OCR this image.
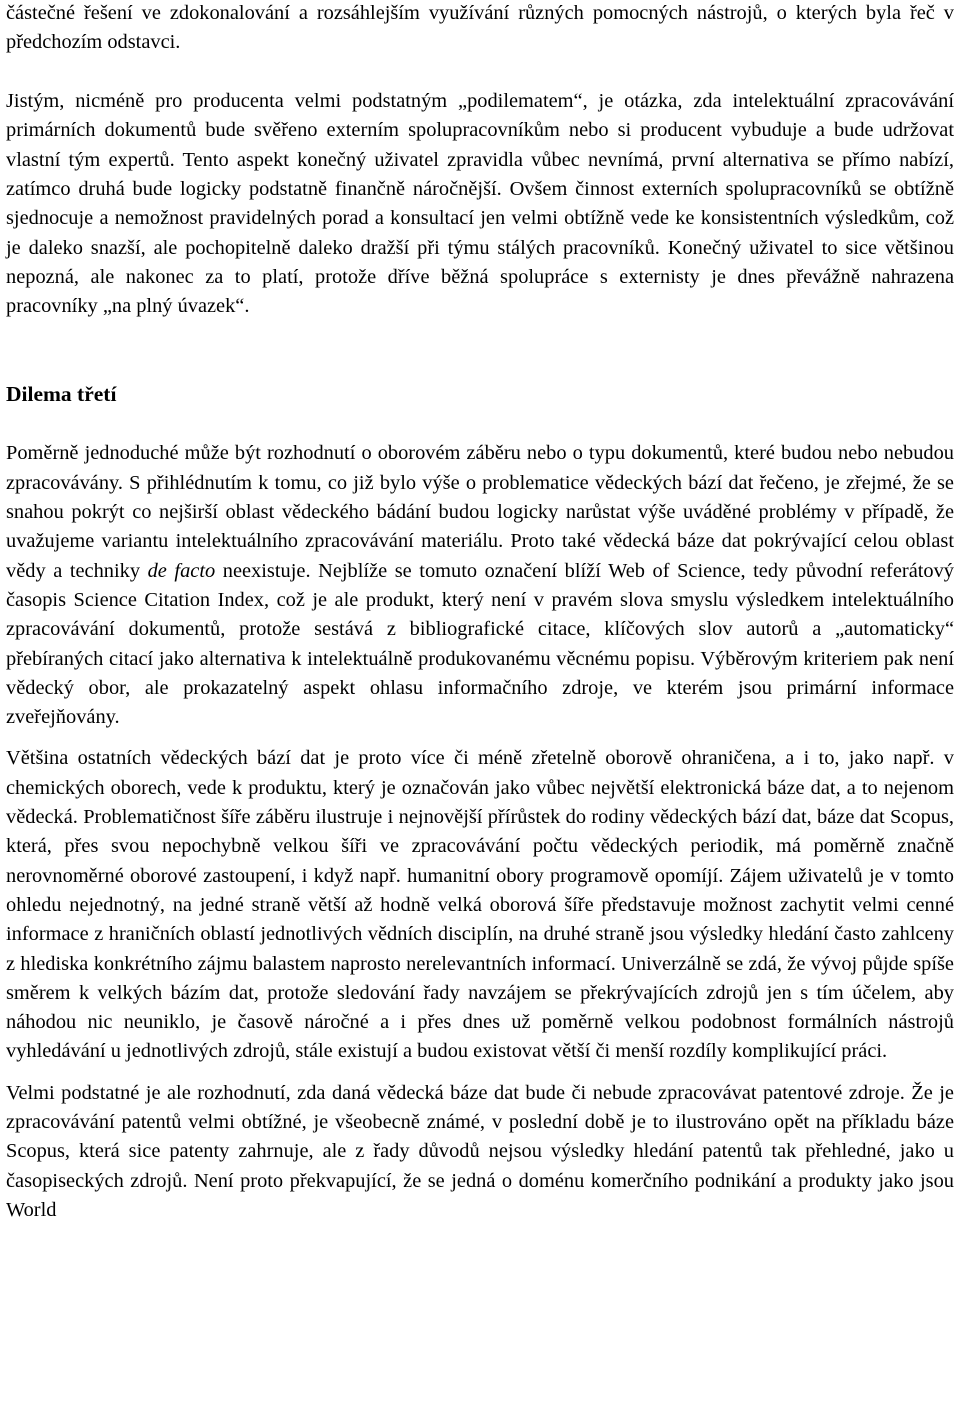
částečné řešení ve zdokonalování a rozsáhlejším využívání různých pomocných nástrojů, o kterých byla řeč v předchozím odstavci.

Jistým, nicméně pro producenta velmi podstatným „podilematem“, je otázka, zda intelektuální zpracovávání primárních dokumentů bude svěřeno externím spolupracovníkům nebo si producent vybuduje a bude udržovat vlastní tým expertů. Tento aspekt konečný uživatel zpravidla vůbec nevnímá, první alternativa se přímo nabízí, zatímco druhá bude logicky podstatně finančně náročnější. Ovšem činnost externích spolupracovníků se obtížně sjednocuje a nemožnost pravidelných porad a konsultací jen velmi obtížně vede ke konsistentních výsledkům, což je daleko snazší, ale pochopitelně daleko dražší při týmu stálých pracovníků. Konečný uživatel to sice většinou nepozná, ale nakonec za to platí, protože dříve běžná spolupráce s externisty je dnes převážně nahrazena pracovníky „na plný úvazek“.

Dilema třetí

Poměrně jednoduché může být rozhodnutí o oborovém záběru nebo o typu dokumentů, které budou nebo nebudou zpracovávány. S přihlédnutím k tomu, co již bylo výše o problematice vědeckých bází dat řečeno, je zřejmé, že se snahou pokrýt co nejširší oblast vědeckého bádání budou logicky narůstat výše uváděné problémy v případě, že uvažujeme variantu intelektuálního zpracovávání materiálu. Proto také vědecká báze dat pokrývající celou oblast vědy a techniky de facto neexistuje. Nejblíže se tomuto označení blíží Web of Science, tedy původní referátový časopis Science Citation Index, což je ale produkt, který není v pravém slova smyslu výsledkem intelektuálního zpracovávání dokumentů, protože sestává z bibliografické citace, klíčových slov autorů a „automaticky“ přebíraných citací jako alternativa k intelektuálně produkovanému věcnému popisu. Výběrovým kriteriem pak není vědecký obor, ale prokazatelný aspekt ohlasu informačního zdroje, ve kterém jsou primární informace zveřejňovány.

Většina ostatních vědeckých bází dat je proto více či méně zřetelně oborově ohraničena, a i to, jako např. v chemických oborech, vede k produktu, který je označován jako vůbec největší elektronická báze dat, a to nejenom vědecká. Problematičnost šíře záběru ilustruje i nejnovější přírůstek do rodiny vědeckých bází dat, báze dat Scopus, která, přes svou nepochybně velkou šíři ve zpracovávání počtu vědeckých periodik, má poměrně značně nerovnoměrné oborové zastoupení, i když např. humanitní obory programově opomíjí. Zájem uživatelů je v tomto ohledu nejednotný, na jedné straně větší až hodně velká oborová šíře představuje možnost zachytit velmi cenné informace z hraničních oblastí jednotlivých vědních disciplín, na druhé straně jsou výsledky hledání často zahlceny z hlediska konkrétního zájmu balastem naprosto nerelevantních informací. Univerzálně se zdá, že vývoj půjde spíše směrem k velkých bázím dat, protože sledování řady navzájem se překrývajících zdrojů jen s tím účelem, aby náhodou nic neuniklo, je časově náročné a i přes dnes už poměrně velkou podobnost formálních nástrojů vyhledávání u jednotlivých zdrojů, stále existují a budou existovat větší či menší rozdíly komplikující práci.

Velmi podstatné je ale rozhodnutí, zda daná vědecká báze dat bude či nebude zpracovávat patentové zdroje. Že je zpracovávání patentů velmi obtížné, je všeobecně známé, v poslední době je to ilustrováno opět na příkladu báze Scopus, která sice patenty zahrnuje, ale z řady důvodů nejsou výsledky hledání patentů tak přehledné, jako u časopiseckých zdrojů. Není proto překvapující, že se jedná o doménu komerčního podnikání a produkty jako jsou World
